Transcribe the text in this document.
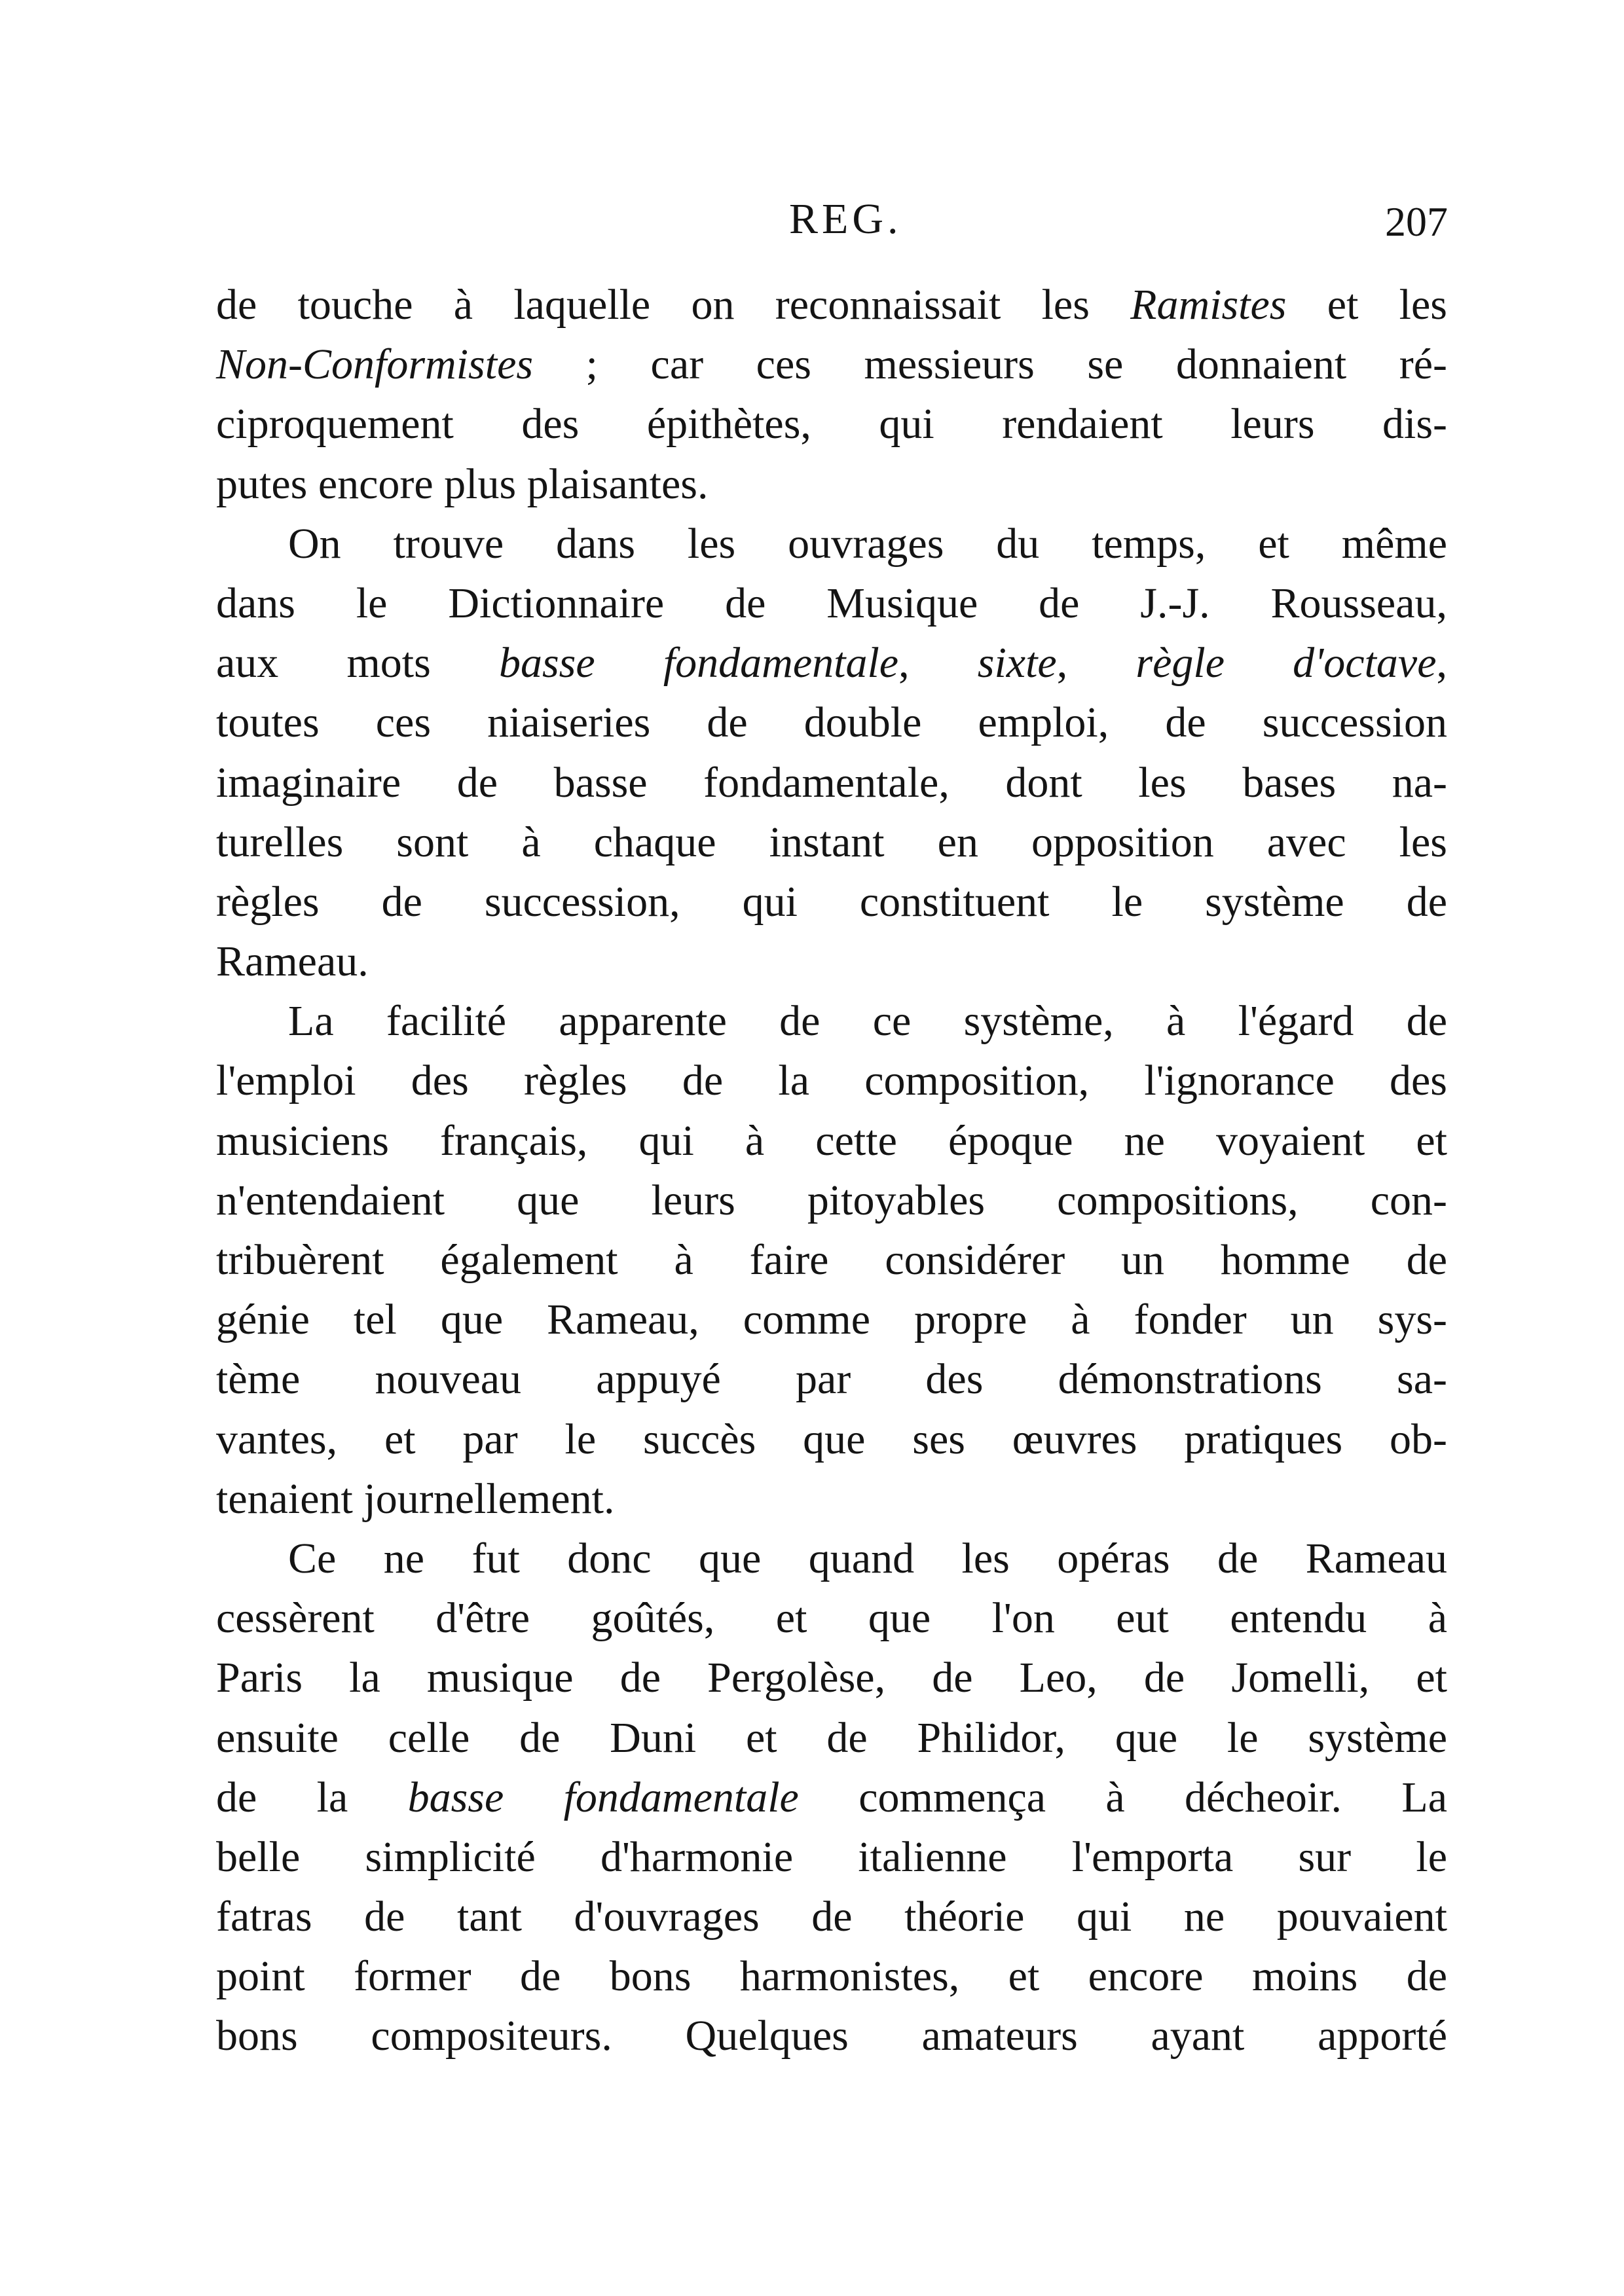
REG.	207
de touche à laquelle on reconnaissait les Ramistes et les
Non-Conformistes ; car ces messieurs se donnaient ré-
ciproquement des épithètes, qui rendaient leurs dis-
putes encore plus plaisantes.
On trouve dans les ouvrages du temps, et même
dans le Dictionnaire de Musique de J.-J. Rousseau,
aux mots basse fondamentale, sixte, règle d'octave,
toutes ces niaiseries de double emploi, de succession
imaginaire de basse fondamentale, dont les bases na-
turelles sont à chaque instant en opposition avec les
règles de succession, qui constituent le système de
Rameau.
La facilité apparente de ce système, à l'égard de
l'emploi des règles de la composition, l'ignorance des
musiciens français, qui à cette époque ne voyaient et
n'entendaient que leurs pitoyables compositions, con-
tribuèrent également à faire considérer un homme de
génie tel que Rameau, comme propre à fonder un sys-
tème nouveau appuyé par des démonstrations sa-
vantes, et par le succès que ses œuvres pratiques ob-
tenaient journellement.
Ce ne fut donc que quand les opéras de Rameau
cessèrent d'être goûtés, et que l'on eut entendu à
Paris la musique de Pergolèse, de Leo, de Jomelli, et
ensuite celle de Duni et de Philidor, que le système
de la basse fondamentale commença à décheoir. La
belle simplicité d'harmonie italienne l'emporta sur le
fatras de tant d'ouvrages de théorie qui ne pouvaient
point former de bons harmonistes, et encore moins de
bons compositeurs. Quelques amateurs ayant apporté
